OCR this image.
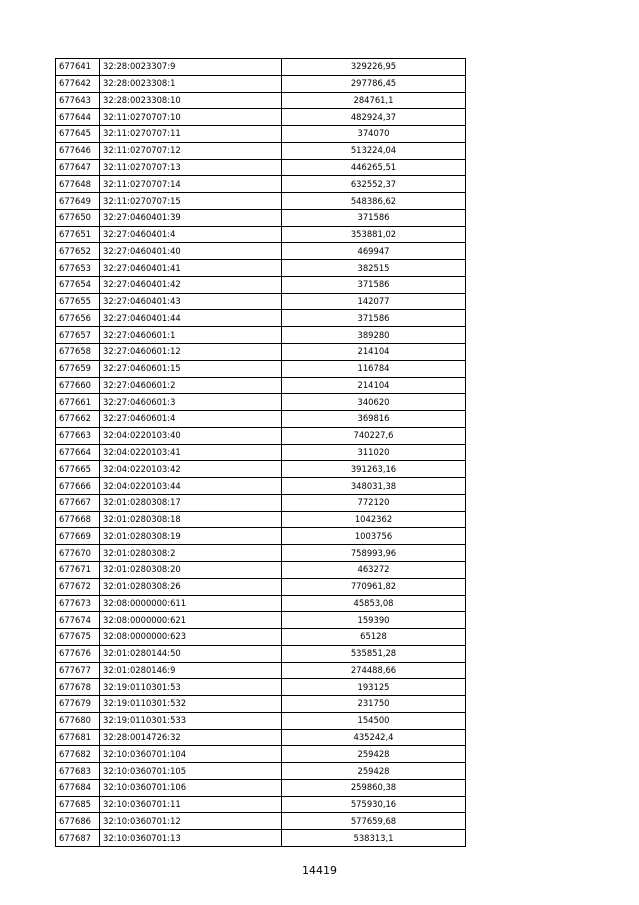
677641	32:28:0023307:9	329226,95
677642	32:28:0023308:1	297786,45
677643	32:28:0023308:10	284761,1
677644	32:11:0270707:10	482924,37
677645	32:11:0270707:11	374070
677646	32:11:0270707:12	513224,04
677647	32:11:0270707:13	446265,51
677648	32:11:0270707:14	632552,37
677649	32:11:0270707:15	548386,62
677650	32:27:0460401:39	371586
677651	32:27:0460401:4	353881,02
677652	32:27:0460401:40	469947
677653	32:27:0460401:41	382515
677654	32:27:0460401:42	371586
677655	32:27:0460401:43	142077
677656	32:27:0460401:44	371586
677657	32:27:0460601:1	389280
677658	32:27:0460601:12	214104
677659	32:27:0460601:15	116784
677660	32:27:0460601:2	214104
677661	32:27:0460601:3	340620
677662	32:27:0460601:4	369816
677663	32:04:0220103:40	740227,6
677664	32:04:0220103:41	311020
677665	32:04:0220103:42	391263,16
677666	32:04:0220103:44	348031,38
677667	32:01:0280308:17	772120
677668	32:01:0280308:18	1042362
677669	32:01:0280308:19	1003756
677670	32:01:0280308:2	758993,96
677671	32:01:0280308:20	463272
677672	32:01:0280308:26	770961,82
677673	32:08:0000000:611	45853,08
677674	32:08:0000000:621	159390
677675	32:08:0000000:623	65128
677676	32:01:0280144:50	535851,28
677677	32:01:0280146:9	274488,66
677678	32:19:0110301:53	193125
677679	32:19:0110301:532	231750
677680	32:19:0110301:533	154500
677681	32:28:0014726:32	435242,4
677682	32:10:0360701:104	259428
677683	32:10:0360701:105	259428
677684	32:10:0360701:106	259860,38
677685	32:10:0360701:11	575930,16
677686	32:10:0360701:12	577659,68
677687	32:10:0360701:13	538313,1
14419
